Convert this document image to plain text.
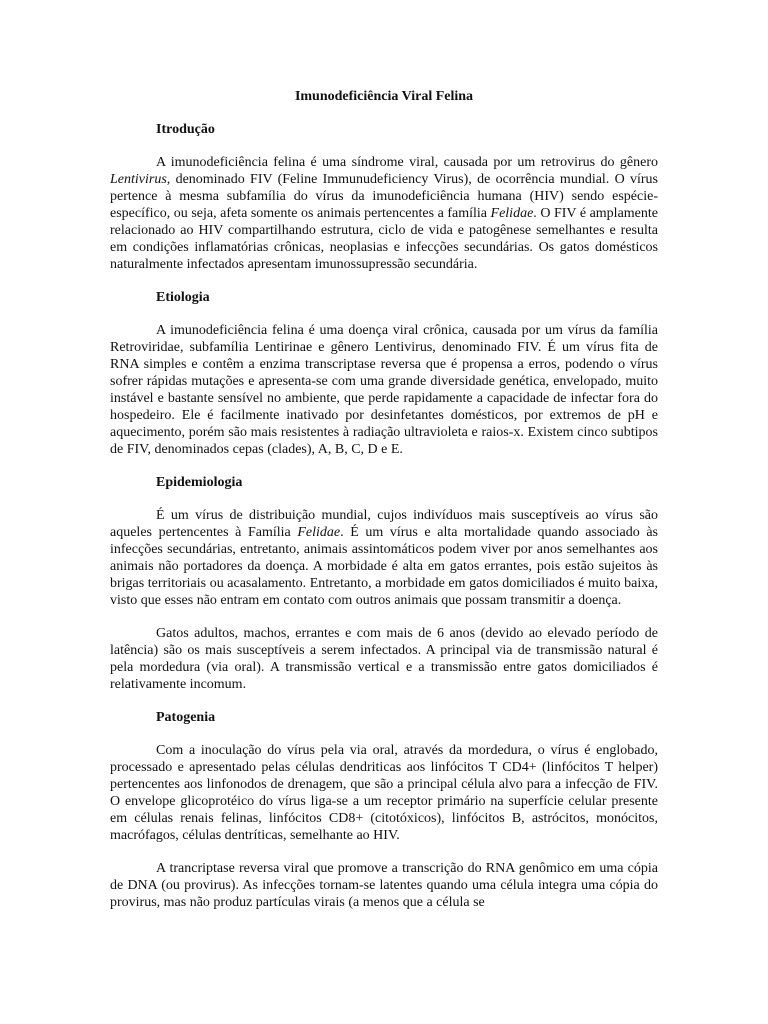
Imunodeficiência Viral Felina
Itrodução

A imunodeficiência felina é uma síndrome viral, causada por um retrovirus do gênero Lentivirus, denominado FIV (Feline Immunudeficiency Virus), de ocorrência mundial. O vírus pertence à mesma subfamília do vírus da imunodeficiência humana (HIV) sendo espécie-específico, ou seja, afeta somente os animais pertencentes a família Felidae. O FIV é amplamente relacionado ao HIV compartilhando estrutura, ciclo de vida e patogênese semelhantes e resulta em condições inflamatórias crônicas, neoplasias e infecções secundárias. Os gatos domésticos naturalmente infectados apresentam imunossupressão secundária.

Etiologia

A imunodeficiência felina é uma doença viral crônica, causada por um vírus da família Retroviridae, subfamília Lentirinae e gênero Lentivirus, denominado FIV. É um vírus fita de RNA simples e contêm a enzima transcriptase reversa que é propensa a erros, podendo o vírus sofrer rápidas mutações e apresenta-se com uma grande diversidade genética, envelopado, muito instável e bastante sensível no ambiente, que perde rapidamente a capacidade de infectar fora do hospedeiro. Ele é facilmente inativado por desinfetantes domésticos, por extremos de pH e aquecimento, porém são mais resistentes à radiação ultravioleta e raios-x. Existem cinco subtipos de FIV, denominados cepas (clades), A, B, C, D e E.

Epidemiologia

É um vírus de distribuição mundial, cujos indivíduos mais susceptíveis ao vírus são aqueles pertencentes à Família Felidae. É um vírus e alta mortalidade quando associado às infecções secundárias, entretanto, animais assintomáticos podem viver por anos semelhantes aos animais não portadores da doença. A morbidade é alta em gatos errantes, pois estão sujeitos às brigas territoriais ou acasalamento. Entretanto, a morbidade em gatos domiciliados é muito baixa, visto que esses não entram em contato com outros animais que possam transmitir a doença.

Gatos adultos, machos, errantes e com mais de 6 anos (devido ao elevado período de latência) são os mais susceptíveis a serem infectados. A principal via de transmissão natural é pela mordedura (via oral). A transmissão vertical e a transmissão entre gatos domiciliados é relativamente incomum.

Patogenia

Com a inoculação do vírus pela via oral, através da mordedura, o vírus é englobado, processado e apresentado pelas células dendriticas aos linfócitos T CD4+ (linfócitos T helper) pertencentes aos linfonodos de drenagem, que são a principal célula alvo para a infecção de FIV. O envelope glicoprotéico do vírus liga-se a um receptor primário na superfície celular presente em células renais felinas, linfócitos CD8+ (citotóxicos), linfócitos B, astrócitos, monócitos, macrófagos, células dentríticas, semelhante ao HIV.

A trancriptase reversa viral que promove a transcrição do RNA genômico em uma cópia de DNA (ou provirus). As infecções tornam-se latentes quando uma célula integra uma cópia do provirus, mas não produz partículas virais (a menos que a célula se
